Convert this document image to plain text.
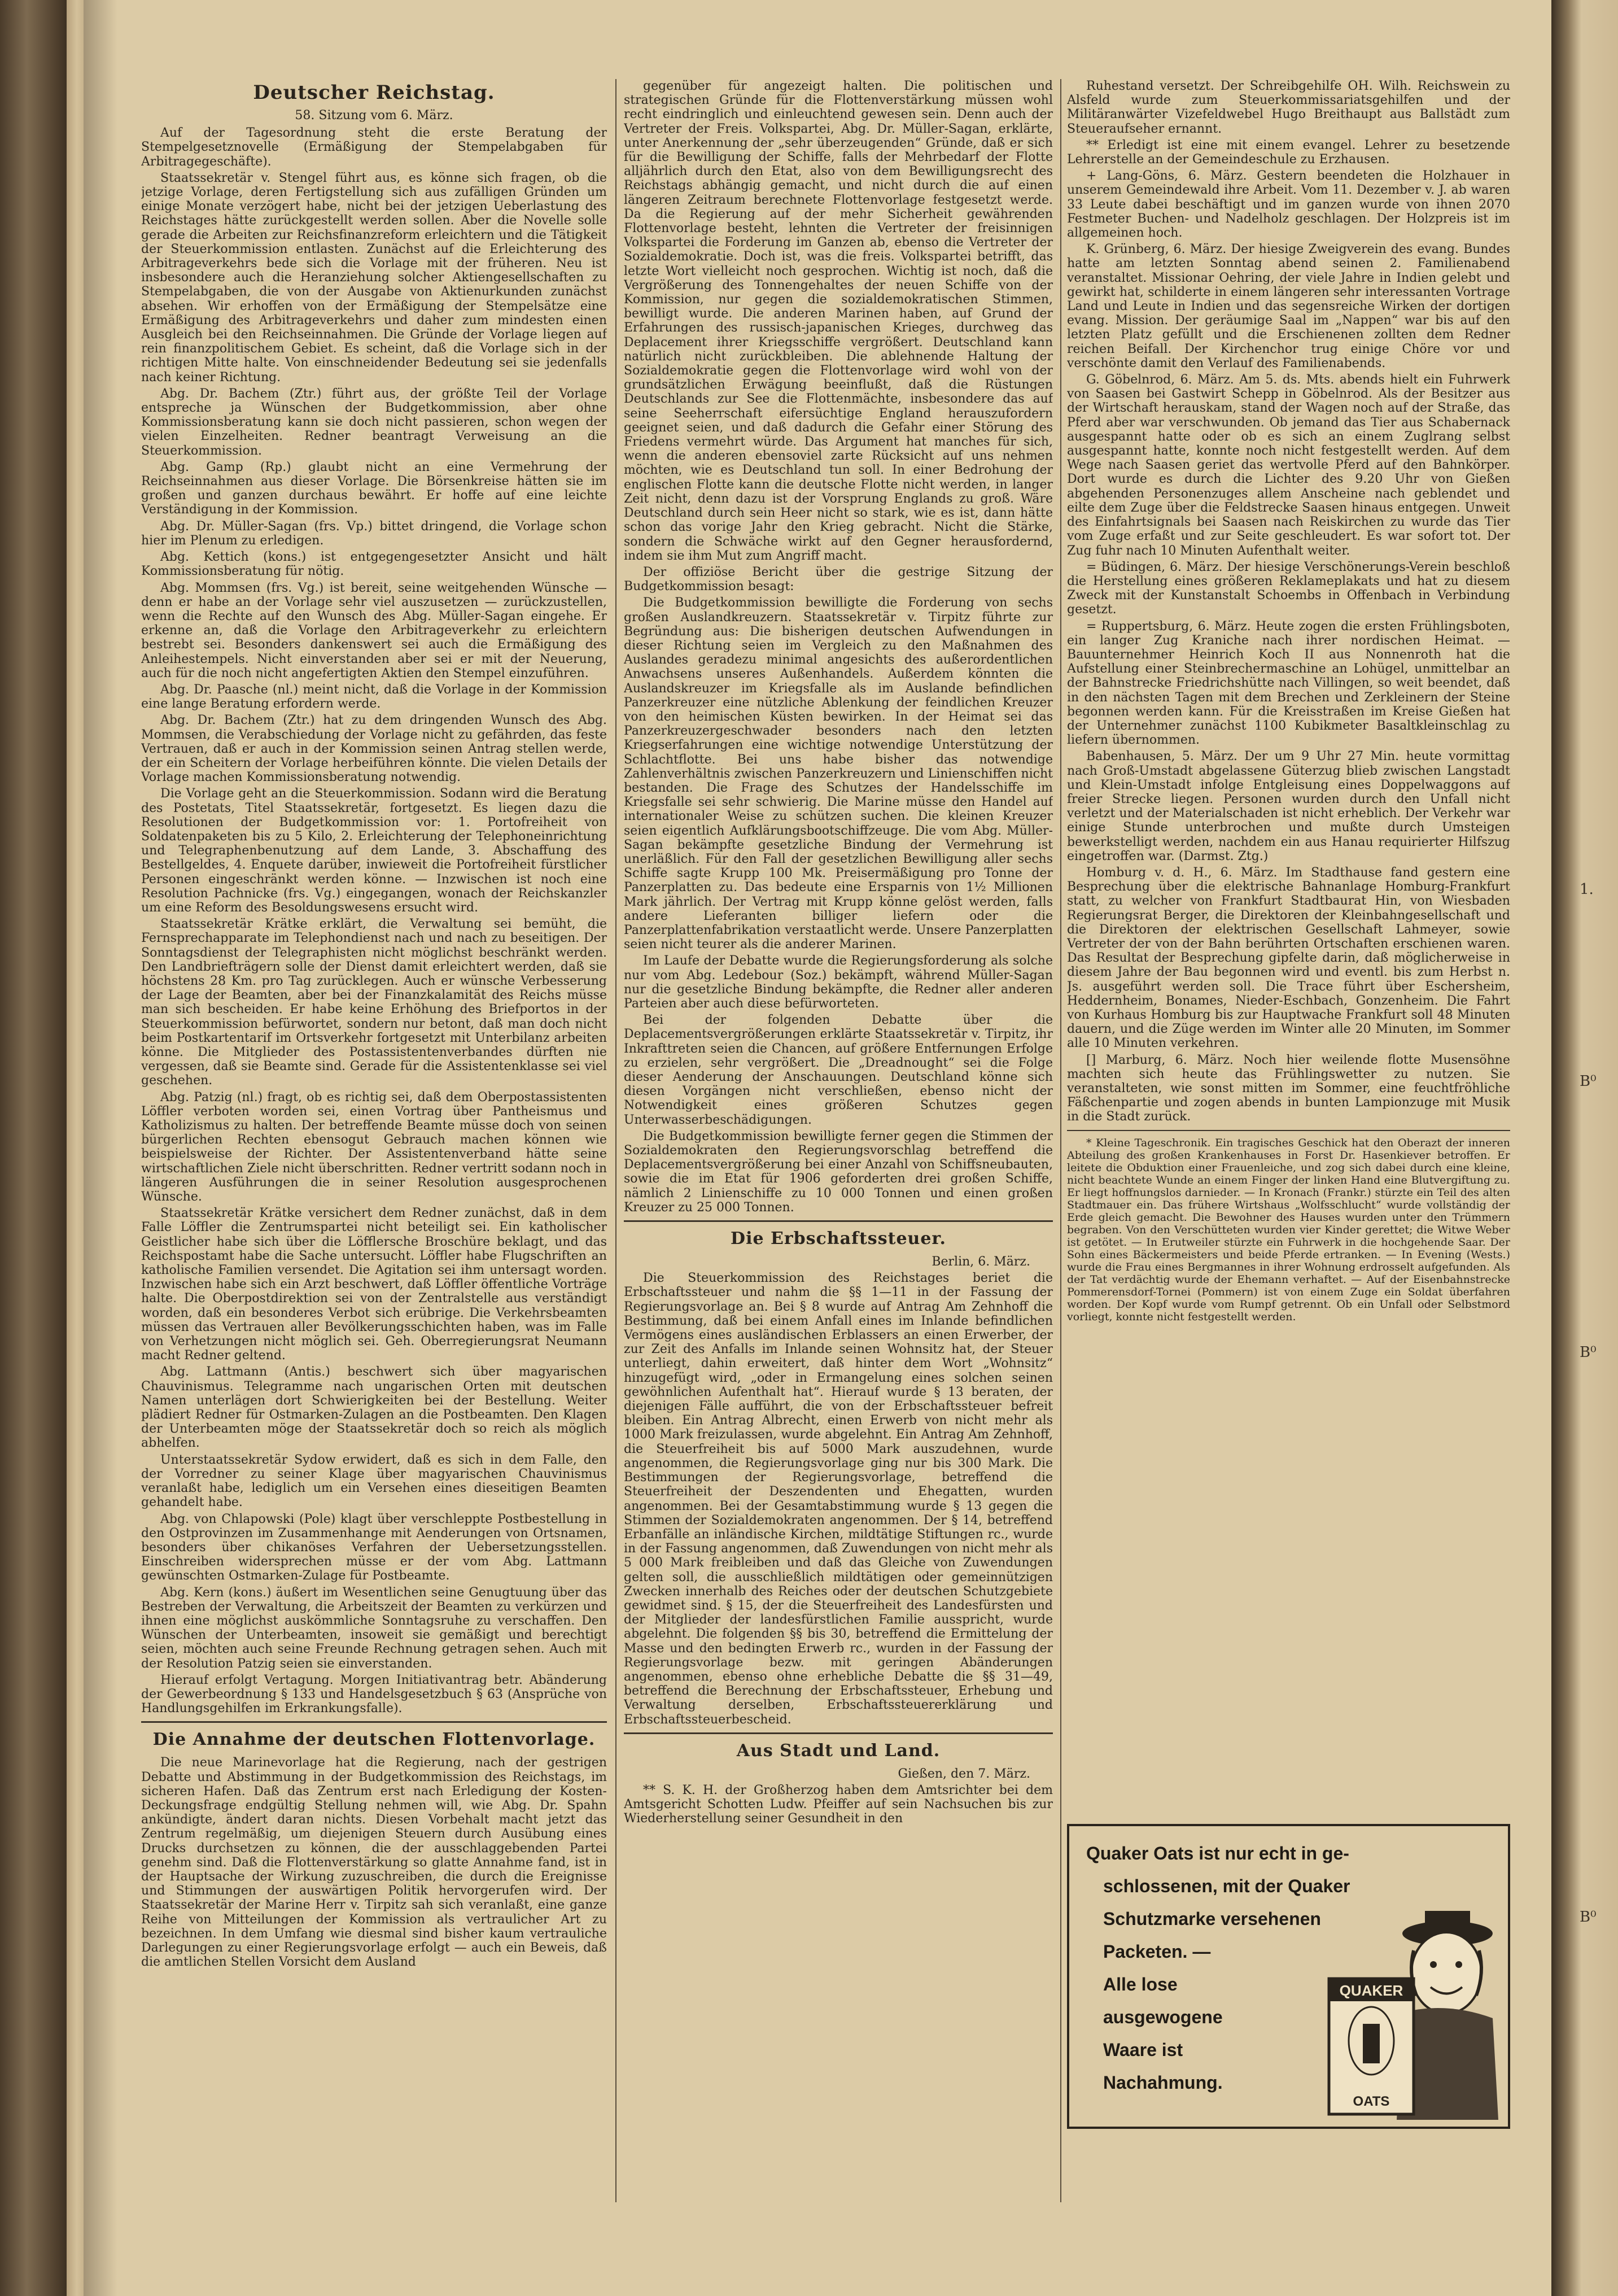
Deutscher Reichstag.
58. Sitzung vom 6. März.

Auf der Tagesordnung steht die erste Beratung der Stempelgesetznovelle (Ermäßigung der Stempelabgaben für Arbitragegeschäfte).

Staatssekretär v. Stengel führt aus, es könne sich fragen, ob die jetzige Vorlage, deren Fertigstellung sich aus zufälligen Gründen um einige Monate verzögert habe, nicht bei der jetzigen Ueberlastung des Reichstages hätte zurückgestellt werden sollen. Aber die Novelle solle gerade die Arbeiten zur Reichsfinanzreform erleichtern und die Tätigkeit der Steuerkommission entlasten. Zunächst auf die Erleichterung des Arbitrageverkehrs bede sich die Vorlage mit der früheren. Neu ist insbesondere auch die Heranziehung solcher Aktiengesellschaften zu Stempelabgaben, die von der Ausgabe von Aktienurkunden zunächst absehen. Wir erhoffen von der Ermäßigung der Stempelsätze eine Ermäßigung des Arbitrageverkehrs und daher zum mindesten einen Ausgleich bei den Reichseinnahmen. Die Gründe der Vorlage liegen auf rein finanzpolitischem Gebiet. Es scheint, daß die Vorlage sich in der richtigen Mitte halte. Von einschneidender Bedeutung sei sie jedenfalls nach keiner Richtung.

Abg. Dr. Bachem (Ztr.) führt aus, der größte Teil der Vorlage entspreche ja Wünschen der Budgetkommission, aber ohne Kommissionsberatung kann sie doch nicht passieren, schon wegen der vielen Einzelheiten. Redner beantragt Verweisung an die Steuerkommission.

Abg. Gamp (Rp.) glaubt nicht an eine Vermehrung der Reichseinnahmen aus dieser Vorlage. Die Börsenkreise hätten sie im großen und ganzen durchaus bewährt. Er hoffe auf eine leichte Verständigung in der Kommission.

Abg. Dr. Müller-Sagan (frs. Vp.) bittet dringend, die Vorlage schon hier im Plenum zu erledigen.

Abg. Kettich (kons.) ist entgegengesetzter Ansicht und hält Kommissionsberatung für nötig.

Abg. Mommsen (frs. Vg.) ist bereit, seine weitgehenden Wünsche — denn er habe an der Vorlage sehr viel auszusetzen — zurückzustellen, wenn die Rechte auf den Wunsch des Abg. Müller-Sagan eingehe. Er erkenne an, daß die Vorlage den Arbitrageverkehr zu erleichtern bestrebt sei. Besonders dankenswert sei auch die Ermäßigung des Anleihestempels. Nicht einverstanden aber sei er mit der Neuerung, auch für die noch nicht angefertigten Aktien den Stempel einzuführen.

Abg. Dr. Paasche (nl.) meint nicht, daß die Vorlage in der Kommission eine lange Beratung erfordern werde.

Abg. Dr. Bachem (Ztr.) hat zu dem dringenden Wunsch des Abg. Mommsen, die Verabschiedung der Vorlage nicht zu gefährden, das feste Vertrauen, daß er auch in der Kommission seinen Antrag stellen werde, der ein Scheitern der Vorlage herbeiführen könnte. Die vielen Details der Vorlage machen Kommissionsberatung notwendig.

Die Vorlage geht an die Steuerkommission. Sodann wird die Beratung des Postetats, Titel Staatssekretär, fortgesetzt. Es liegen dazu die Resolutionen der Budgetkommission vor: 1. Portofreiheit von Soldatenpaketen bis zu 5 Kilo, 2. Erleichterung der Telephoneinrichtung und Telegraphenbenutzung auf dem Lande, 3. Abschaffung des Bestellgeldes, 4. Enquete darüber, inwieweit die Portofreiheit fürstlicher Personen eingeschränkt werden könne. — Inzwischen ist noch eine Resolution Pachnicke (frs. Vg.) eingegangen, wonach der Reichskanzler um eine Reform des Besoldungswesens ersucht wird.

Staatssekretär Krätke erklärt, die Verwaltung sei bemüht, die Fernsprechapparate im Telephondienst nach und nach zu beseitigen. Der Sonntagsdienst der Telegraphisten nicht möglichst beschränkt werden. Den Landbriefträgern solle der Dienst damit erleichtert werden, daß sie höchstens 28 Km. pro Tag zurücklegen. Auch er wünsche Verbesserung der Lage der Beamten, aber bei der Finanzkalamität des Reichs müsse man sich bescheiden. Er habe keine Erhöhung des Briefportos in der Steuerkommission befürwortet, sondern nur betont, daß man doch nicht beim Postkartentarif im Ortsverkehr fortgesetzt mit Unterbilanz arbeiten könne. Die Mitglieder des Postassistentenverbandes dürften nie vergessen, daß sie Beamte sind. Gerade für die Assistentenklasse sei viel geschehen.

Abg. Patzig (nl.) fragt, ob es richtig sei, daß dem Oberpostassistenten Löffler verboten worden sei, einen Vortrag über Pantheismus und Katholizismus zu halten. Der betreffende Beamte müsse doch von seinen bürgerlichen Rechten ebensogut Gebrauch machen können wie beispielsweise der Richter. Der Assistentenverband hätte seine wirtschaftlichen Ziele nicht überschritten. Redner vertritt sodann noch in längeren Ausführungen die in seiner Resolution ausgesprochenen Wünsche.

Staatssekretär Krätke versichert dem Redner zunächst, daß in dem Falle Löffler die Zentrumspartei nicht beteiligt sei. Ein katholischer Geistlicher habe sich über die Löfflersche Broschüre beklagt, und das Reichspostamt habe die Sache untersucht. Löffler habe Flugschriften an katholische Familien versendet. Die Agitation sei ihm untersagt worden. Inzwischen habe sich ein Arzt beschwert, daß Löffler öffentliche Vorträge halte. Die Oberpostdirektion sei von der Zentralstelle aus verständigt worden, daß ein besonderes Verbot sich erübrige. Die Verkehrsbeamten müssen das Vertrauen aller Bevölkerungsschichten haben, was im Falle von Verhetzungen nicht möglich sei. Geh. Oberregierungsrat Neumann macht Redner geltend.

Abg. Lattmann (Antis.) beschwert sich über magyarischen Chauvinismus. Telegramme nach ungarischen Orten mit deutschen Namen unterlägen dort Schwierigkeiten bei der Bestellung. Weiter plädiert Redner für Ostmarken-Zulagen an die Postbeamten. Den Klagen der Unterbeamten möge der Staatssekretär doch so reich als möglich abhelfen.

Unterstaatssekretär Sydow erwidert, daß es sich in dem Falle, den der Vorredner zu seiner Klage über magyarischen Chauvinismus veranlaßt habe, lediglich um ein Versehen eines dieseitigen Beamten gehandelt habe.

Abg. von Chlapowski (Pole) klagt über verschleppte Postbestellung in den Ostprovinzen im Zusammenhange mit Aenderungen von Ortsnamen, besonders über chikanöses Verfahren der Uebersetzungsstellen. Einschreiben widersprechen müsse er der vom Abg. Lattmann gewünschten Ostmarken-Zulage für Postbeamte.

Abg. Kern (kons.) äußert im Wesentlichen seine Genugtuung über das Bestreben der Verwaltung, die Arbeitszeit der Beamten zu verkürzen und ihnen eine möglichst auskömmliche Sonntagsruhe zu verschaffen. Den Wünschen der Unterbeamten, insoweit sie gemäßigt und berechtigt seien, möchten auch seine Freunde Rechnung getragen sehen. Auch mit der Resolution Patzig seien sie einverstanden.

Hierauf erfolgt Vertagung. Morgen Initiativantrag betr. Abänderung der Gewerbeordnung § 133 und Handelsgesetzbuch § 63 (Ansprüche von Handlungsgehilfen im Erkrankungsfalle).

Die Annahme der deutschen Flottenvorlage.

Die neue Marinevorlage hat die Regierung, nach der gestrigen Debatte und Abstimmung in der Budgetkommission des Reichstags, im sicheren Hafen. Daß das Zentrum erst nach Erledigung der Kosten-Deckungsfrage endgültig Stellung nehmen will, wie Abg. Dr. Spahn ankündigte, ändert daran nichts. Diesen Vorbehalt macht jetzt das Zentrum regelmäßig, um diejenigen Steuern durch Ausübung eines Drucks durchsetzen zu können, die der ausschlaggebenden Partei genehm sind. Daß die Flottenverstärkung so glatte Annahme fand, ist in der Hauptsache der Wirkung zuzuschreiben, die durch die Ereignisse und Stimmungen der auswärtigen Politik hervorgerufen wird. Der Staatssekretär der Marine Herr v. Tirpitz sah sich veranlaßt, eine ganze Reihe von Mitteilungen der Kommission als vertraulicher Art zu bezeichnen. In dem Umfang wie diesmal sind bisher kaum vertrauliche Darlegungen zu einer Regierungsvorlage erfolgt — auch ein Beweis, daß die amtlichen Stellen Vorsicht dem Ausland

gegenüber für angezeigt halten. Die politischen und strategischen Gründe für die Flottenverstärkung müssen wohl recht eindringlich und einleuchtend gewesen sein. Denn auch der Vertreter der Freis. Volkspartei, Abg. Dr. Müller-Sagan, erklärte, unter Anerkennung der „sehr überzeugenden“ Gründe, daß er sich für die Bewilligung der Schiffe, falls der Mehrbedarf der Flotte alljährlich durch den Etat, also von dem Bewilligungsrecht des Reichstags abhängig gemacht, und nicht durch die auf einen längeren Zeitraum berechnete Flottenvorlage festgesetzt werde. Da die Regierung auf der mehr Sicherheit gewährenden Flottenvorlage besteht, lehnten die Vertreter der freisinnigen Volkspartei die Forderung im Ganzen ab, ebenso die Vertreter der Sozialdemokratie. Doch ist, was die freis. Volkspartei betrifft, das letzte Wort vielleicht noch gesprochen. Wichtig ist noch, daß die Vergrößerung des Tonnengehaltes der neuen Schiffe von der Kommission, nur gegen die sozialdemokratischen Stimmen, bewilligt wurde. Die anderen Marinen haben, auf Grund der Erfahrungen des russisch-japanischen Krieges, durchweg das Deplacement ihrer Kriegsschiffe vergrößert. Deutschland kann natürlich nicht zurückbleiben. Die ablehnende Haltung der Sozialdemokratie gegen die Flottenvorlage wird wohl von der grundsätzlichen Erwägung beeinflußt, daß die Rüstungen Deutschlands zur See die Flottenmächte, insbesondere das auf seine Seeherrschaft eifersüchtige England herauszufordern geeignet seien, und daß dadurch die Gefahr einer Störung des Friedens vermehrt würde. Das Argument hat manches für sich, wenn die anderen ebensoviel zarte Rücksicht auf uns nehmen möchten, wie es Deutschland tun soll. In einer Bedrohung der englischen Flotte kann die deutsche Flotte nicht werden, in langer Zeit nicht, denn dazu ist der Vorsprung Englands zu groß. Wäre Deutschland durch sein Heer nicht so stark, wie es ist, dann hätte schon das vorige Jahr den Krieg gebracht. Nicht die Stärke, sondern die Schwäche wirkt auf den Gegner herausfordernd, indem sie ihm Mut zum Angriff macht.

Der offiziöse Bericht über die gestrige Sitzung der Budgetkommission besagt:

Die Budgetkommission bewilligte die Forderung von sechs großen Auslandkreuzern. Staatssekretär v. Tirpitz führte zur Begründung aus: Die bisherigen deutschen Aufwendungen in dieser Richtung seien im Vergleich zu den Maßnahmen des Auslandes geradezu minimal angesichts des außerordentlichen Anwachsens unseres Außenhandels. Außerdem könnten die Auslandskreuzer im Kriegsfalle als im Auslande befindlichen Panzerkreuzer eine nützliche Ablenkung der feindlichen Kreuzer von den heimischen Küsten bewirken. In der Heimat sei das Panzerkreuzergeschwader besonders nach den letzten Kriegserfahrungen eine wichtige notwendige Unterstützung der Schlachtflotte. Bei uns habe bisher das notwendige Zahlenverhältnis zwischen Panzerkreuzern und Linienschiffen nicht bestanden. Die Frage des Schutzes der Handelsschiffe im Kriegsfalle sei sehr schwierig. Die Marine müsse den Handel auf internationaler Weise zu schützen suchen. Die kleinen Kreuzer seien eigentlich Aufklärungsbootschiffzeuge. Die vom Abg. Müller-Sagan bekämpfte gesetzliche Bindung der Vermehrung ist unerläßlich. Für den Fall der gesetzlichen Bewilligung aller sechs Schiffe sagte Krupp 100 Mk. Preisermäßigung pro Tonne der Panzerplatten zu. Das bedeute eine Ersparnis von 1½ Millionen Mark jährlich. Der Vertrag mit Krupp könne gelöst werden, falls andere Lieferanten billiger liefern oder die Panzerplattenfabrikation verstaatlicht werde. Unsere Panzerplatten seien nicht teurer als die anderer Marinen.

Im Laufe der Debatte wurde die Regierungsforderung als solche nur vom Abg. Ledebour (Soz.) bekämpft, während Müller-Sagan nur die gesetzliche Bindung bekämpfte, die Redner aller anderen Parteien aber auch diese befürworteten.

Bei der folgenden Debatte über die Deplacementsvergrößerungen erklärte Staatssekretär v. Tirpitz, ihr Inkrafttreten seien die Chancen, auf größere Entfernungen Erfolge zu erzielen, sehr vergrößert. Die „Dreadnought“ sei die Folge dieser Aenderung der Anschauungen. Deutschland könne sich diesen Vorgängen nicht verschließen, ebenso nicht der Notwendigkeit eines größeren Schutzes gegen Unterwasserbeschädigungen.

Die Budgetkommission bewilligte ferner gegen die Stimmen der Sozialdemokraten den Regierungsvorschlag betreffend die Deplacementsvergrößerung bei einer Anzahl von Schiffsneubauten, sowie die im Etat für 1906 geforderten drei großen Schiffe, nämlich 2 Linienschiffe zu 10 000 Tonnen und einen großen Kreuzer zu 25 000 Tonnen.

Die Erbschaftssteuer.
Berlin, 6. März.

Die Steuerkommission des Reichstages beriet die Erbschaftssteuer und nahm die §§ 1—11 in der Fassung der Regierungsvorlage an. Bei § 8 wurde auf Antrag Am Zehnhoff die Bestimmung, daß bei einem Anfall eines im Inlande befindlichen Vermögens eines ausländischen Erblassers an einen Erwerber, der zur Zeit des Anfalls im Inlande seinen Wohnsitz hat, der Steuer unterliegt, dahin erweitert, daß hinter dem Wort „Wohnsitz“ hinzugefügt wird, „oder in Ermangelung eines solchen seinen gewöhnlichen Aufenthalt hat“. Hierauf wurde § 13 beraten, der diejenigen Fälle aufführt, die von der Erbschaftssteuer befreit bleiben. Ein Antrag Albrecht, einen Erwerb von nicht mehr als 1000 Mark freizulassen, wurde abgelehnt. Ein Antrag Am Zehnhoff, die Steuerfreiheit bis auf 5000 Mark auszudehnen, wurde angenommen, die Regierungsvorlage ging nur bis 300 Mark. Die Bestimmungen der Regierungsvorlage, betreffend die Steuerfreiheit der Deszendenten und Ehegatten, wurden angenommen. Bei der Gesamtabstimmung wurde § 13 gegen die Stimmen der Sozialdemokraten angenommen. Der § 14, betreffend Erbanfälle an inländische Kirchen, mildtätige Stiftungen rc., wurde in der Fassung angenommen, daß Zuwendungen von nicht mehr als 5 000 Mark freibleiben und daß das Gleiche von Zuwendungen gelten soll, die ausschließlich mildtätigen oder gemeinnützigen Zwecken innerhalb des Reiches oder der deutschen Schutzgebiete gewidmet sind. § 15, der die Steuerfreiheit des Landesfürsten und der Mitglieder der landesfürstlichen Familie ausspricht, wurde abgelehnt. Die folgenden §§ bis 30, betreffend die Ermittelung der Masse und den bedingten Erwerb rc., wurden in der Fassung der Regierungsvorlage bezw. mit geringen Abänderungen angenommen, ebenso ohne erhebliche Debatte die §§ 31—49, betreffend die Berechnung der Erbschaftssteuer, Erhebung und Verwaltung derselben, Erbschaftssteuererklärung und Erbschaftssteuerbescheid.

Aus Stadt und Land.
Gießen, den 7. März.

** S. K. H. der Großherzog haben dem Amtsrichter bei dem Amtsgericht Schotten Ludw. Pfeiffer auf sein Nachsuchen bis zur Wiederherstellung seiner Gesundheit in den

Ruhestand versetzt. Der Schreibgehilfe OH. Wilh. Reichswein zu Alsfeld wurde zum Steuerkommissariatsgehilfen und der Militäranwärter Vizefeldwebel Hugo Breithaupt aus Ballstädt zum Steueraufseher ernannt.

** Erledigt ist eine mit einem evangel. Lehrer zu besetzende Lehrerstelle an der Gemeindeschule zu Erzhausen.

+ Lang-Göns, 6. März. Gestern beendeten die Holzhauer in unserem Gemeindewald ihre Arbeit. Vom 11. Dezember v. J. ab waren 33 Leute dabei beschäftigt und im ganzen wurde von ihnen 2070 Festmeter Buchen- und Nadelholz geschlagen. Der Holzpreis ist im allgemeinen hoch.

K. Grünberg, 6. März. Der hiesige Zweigverein des evang. Bundes hatte am letzten Sonntag abend seinen 2. Familienabend veranstaltet. Missionar Oehring, der viele Jahre in Indien gelebt und gewirkt hat, schilderte in einem längeren sehr interessanten Vortrage Land und Leute in Indien und das segensreiche Wirken der dortigen evang. Mission. Der geräumige Saal im „Nappen“ war bis auf den letzten Platz gefüllt und die Erschienenen zollten dem Redner reichen Beifall. Der Kirchenchor trug einige Chöre vor und verschönte damit den Verlauf des Familienabends.

G. Göbelnrod, 6. März. Am 5. ds. Mts. abends hielt ein Fuhrwerk von Saasen bei Gastwirt Schepp in Göbelnrod. Als der Besitzer aus der Wirtschaft herauskam, stand der Wagen noch auf der Straße, das Pferd aber war verschwunden. Ob jemand das Tier aus Schabernack ausgespannt hatte oder ob es sich an einem Zuglrang selbst ausgespannt hatte, konnte noch nicht festgestellt werden. Auf dem Wege nach Saasen geriet das wertvolle Pferd auf den Bahnkörper. Dort wurde es durch die Lichter des 9.20 Uhr von Gießen abgehenden Personenzuges allem Anscheine nach geblendet und eilte dem Zuge über die Feldstrecke Saasen hinaus entgegen. Unweit des Einfahrtsignals bei Saasen nach Reiskirchen zu wurde das Tier vom Zuge erfaßt und zur Seite geschleudert. Es war sofort tot. Der Zug fuhr nach 10 Minuten Aufenthalt weiter.

= Büdingen, 6. März. Der hiesige Verschönerungs-Verein beschloß die Herstellung eines größeren Reklameplakats und hat zu diesem Zweck mit der Kunstanstalt Schoembs in Offenbach in Verbindung gesetzt.

= Ruppertsburg, 6. März. Heute zogen die ersten Frühlingsboten, ein langer Zug Kraniche nach ihrer nordischen Heimat. — Bauunternehmer Heinrich Koch II aus Nonnenroth hat die Aufstellung einer Steinbrechermaschine an Lohügel, unmittelbar an der Bahnstrecke Friedrichshütte nach Villingen, so weit beendet, daß in den nächsten Tagen mit dem Brechen und Zerkleinern der Steine begonnen werden kann. Für die Kreisstraßen im Kreise Gießen hat der Unternehmer zunächst 1100 Kubikmeter Basaltkleinschlag zu liefern übernommen.

Babenhausen, 5. März. Der um 9 Uhr 27 Min. heute vormittag nach Groß-Umstadt abgelassene Güterzug blieb zwischen Langstadt und Klein-Umstadt infolge Entgleisung eines Doppelwaggons auf freier Strecke liegen. Personen wurden durch den Unfall nicht verletzt und der Materialschaden ist nicht erheblich. Der Verkehr war einige Stunde unterbrochen und mußte durch Umsteigen bewerkstelligt werden, nachdem ein aus Hanau requirierter Hilfszug eingetroffen war. (Darmst. Ztg.)

Homburg v. d. H., 6. März. Im Stadthause fand gestern eine Besprechung über die elektrische Bahnanlage Homburg-Frankfurt statt, zu welcher von Frankfurt Stadtbaurat Hin, von Wiesbaden Regierungsrat Berger, die Direktoren der Kleinbahngesellschaft und die Direktoren der elektrischen Gesellschaft Lahmeyer, sowie Vertreter der von der Bahn berührten Ortschaften erschienen waren. Das Resultat der Besprechung gipfelte darin, daß möglicherweise in diesem Jahre der Bau begonnen wird und eventl. bis zum Herbst n. Js. ausgeführt werden soll. Die Trace führt über Eschersheim, Heddernheim, Bonames, Nieder-Eschbach, Gonzenheim. Die Fahrt von Kurhaus Homburg bis zur Hauptwache Frankfurt soll 48 Minuten dauern, und die Züge werden im Winter alle 20 Minuten, im Sommer alle 10 Minuten verkehren.

[] Marburg, 6. März. Noch hier weilende flotte Musensöhne machten sich heute das Frühlingswetter zu nutzen. Sie veranstalteten, wie sonst mitten im Sommer, eine feuchtfröhliche Fäßchenpartie und zogen abends in bunten Lampionzuge mit Musik in die Stadt zurück.

* Kleine Tageschronik. Ein tragisches Geschick hat den Oberazt der inneren Abteilung des großen Krankenhauses in Forst Dr. Hasenkiever betroffen. Er leitete die Obduktion einer Frauenleiche, und zog sich dabei durch eine kleine, nicht beachtete Wunde an einem Finger der linken Hand eine Blutvergiftung zu. Er liegt hoffnungslos darnieder. — In Kronach (Frankr.) stürzte ein Teil des alten Stadtmauer ein. Das frühere Wirtshaus „Wolfsschlucht“ wurde vollständig der Erde gleich gemacht. Die Bewohner des Hauses wurden unter den Trümmern begraben. Von den Verschütteten wurden vier Kinder gerettet; die Witwe Weber ist getötet. — In Erutweiler stürzte ein Fuhrwerk in die hochgehende Saar. Der Sohn eines Bäckermeisters und beide Pferde ertranken. — In Evening (Wests.) wurde die Frau eines Bergmannes in ihrer Wohnung erdrosselt aufgefunden. Als der Tat verdächtig wurde der Ehemann verhaftet. — Auf der Eisenbahnstrecke Pommerensdorf-Tornei (Pommern) ist von einem Zuge ein Soldat überfahren worden. Der Kopf wurde vom Rumpf getrennt. Ob ein Unfall oder Selbstmord vorliegt, konnte nicht festgestellt werden.

Quaker Oats ist nur echt in ge-
schlossenen, mit der Quaker
Schutzmarke versehenen
Packeten. —
Alle lose
ausgewogene
Waare ist
Nachahmung.
QUAKER
OATS
1.
B⁰
B⁰
B⁰
